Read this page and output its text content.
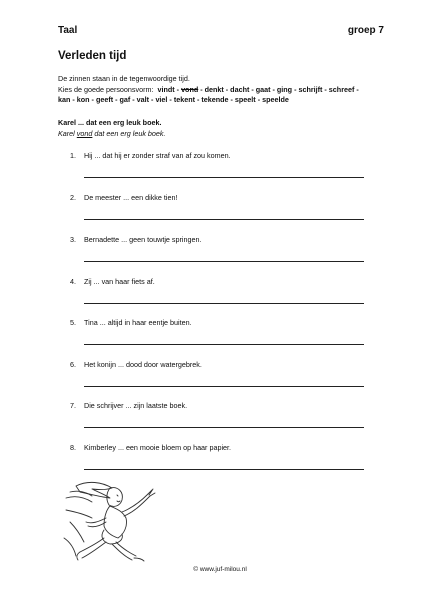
Taal	groep 7
Verleden tijd
De zinnen staan in de tegenwoordige tijd.
Kies de goede persoonsvorm: vindt - vond - denkt - dacht - gaat - ging - schrijft - schreef -
kan - kon - geeft - gaf - valt - viel - tekent - tekende - speelt - speelde
Karel ... dat een erg leuk boek.
Karel vond dat een erg leuk boek.
1. Hij ... dat hij er zonder straf van af zou komen.
2. De meester ... een dikke tien!
3. Bernadette ... geen touwtje springen.
4. Zij ... van haar fiets af.
5. Tina ... altijd in haar eentje buiten.
6. Het konijn ... dood door watergebrek.
7. Die schrijver ... zijn laatste boek.
8. Kimberley ... een mooie bloem op haar papier.
© www.juf-milou.nl
